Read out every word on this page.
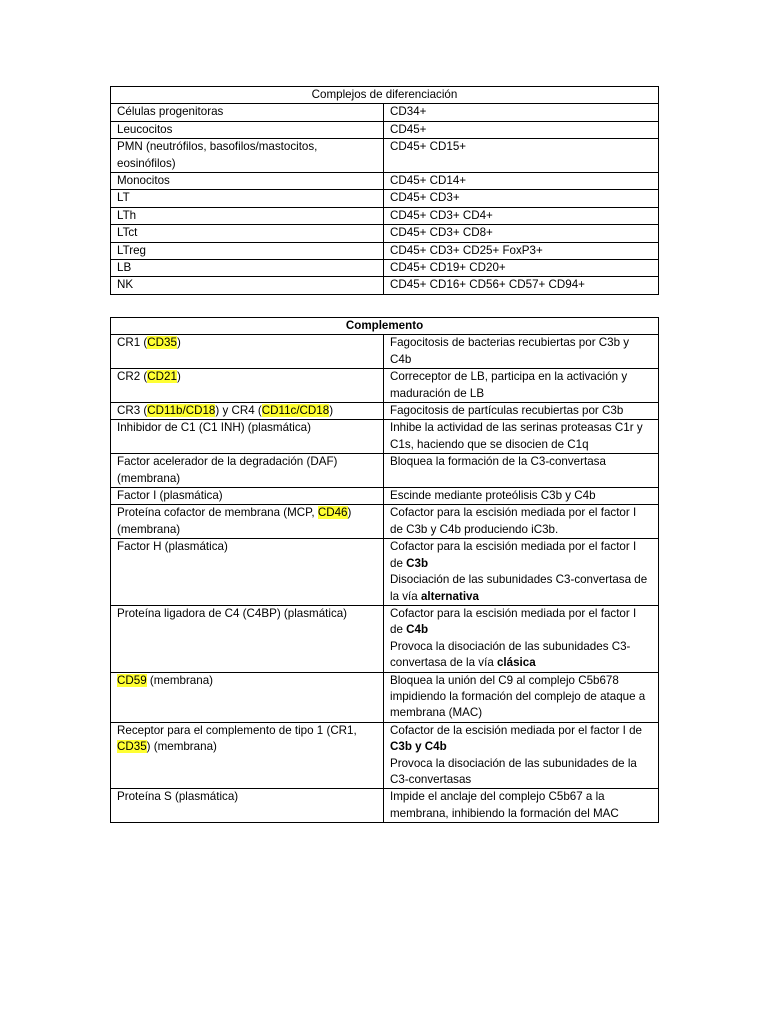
Complejos de diferenciación	
Células progenitoras	CD34+
Leucocitos	CD45+
PMN (neutrófilos, basofilos/mastocitos, eosinófilos)	CD45+ CD15+
Monocitos	CD45+ CD14+
LT	CD45+ CD3+
LTh	CD45+ CD3+ CD4+
LTct	CD45+ CD3+ CD8+
LTreg	CD45+ CD3+ CD25+ FoxP3+
LB	CD45+ CD19+ CD20+
NK	CD45+ CD16+ CD56+ CD57+ CD94+
Complemento	
CR1 (CD35)	Fagocitosis de bacterias recubiertas por C3b y C4b
CR2 (CD21)	Correceptor de LB, participa en la activación y maduración de LB
CR3 (CD11b/CD18) y CR4 (CD11c/CD18)	Fagocitosis de partículas recubiertas por C3b
Inhibidor de C1 (C1 INH) (plasmática)	Inhibe la actividad de las serinas proteasas C1r y C1s, haciendo que se disocien de C1q
Factor acelerador de la degradación (DAF) (membrana)	Bloquea la formación de la C3-convertasa
Factor I (plasmática)	Escinde mediante proteólisis C3b y C4b
Proteína cofactor de membrana (MCP, CD46) (membrana)	Cofactor para la escisión mediada por el factor I de C3b y C4b produciendo iC3b.
Factor H (plasmática)	Cofactor para la escisión mediada por el factor I de C3b
Disociación de las subunidades C3-convertasa de la vía alternativa
Proteína ligadora de C4 (C4BP) (plasmática)	Cofactor para la escisión mediada por el factor I de C4b
Provoca la disociación de las subunidades C3-convertasa de la vía clásica
CD59 (membrana)	Bloquea la unión del C9 al complejo C5b678 impidiendo la formación del complejo de ataque a membrana (MAC)
Receptor para el complemento de tipo 1 (CR1, CD35) (membrana)	Cofactor de la escisión mediada por el factor I de C3b y C4b
Provoca la disociación de las subunidades de la C3-convertasas
Proteína S (plasmática)	Impide el anclaje del complejo C5b67 a la membrana, inhibiendo la formación del MAC
